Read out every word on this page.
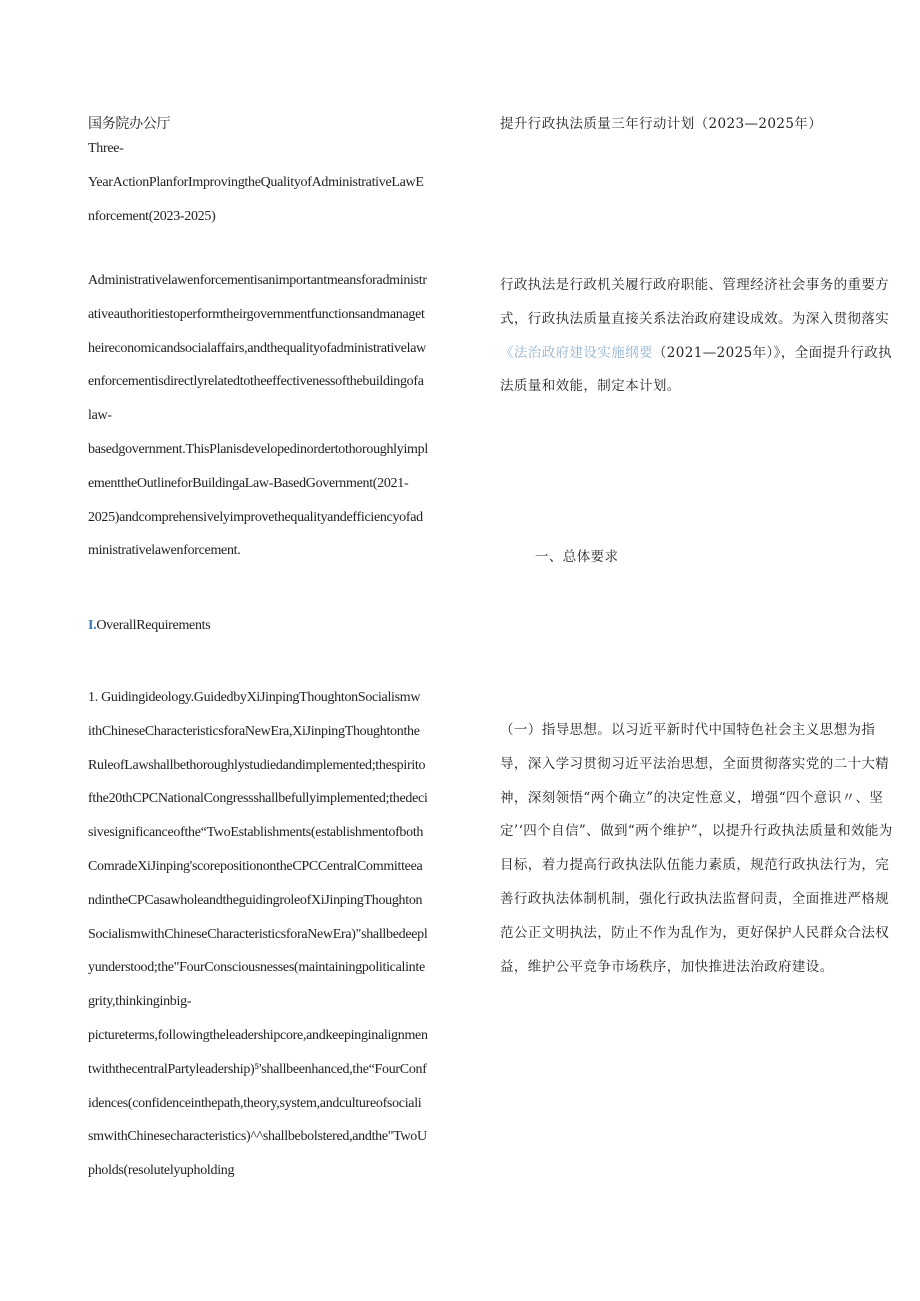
国务院办公厅
Three-
YearActionPlanforImprovingtheQualityofAdministrativeLawE
nforcement(2023-2025)
Administrativelawenforcementisanimportantmeansforadministr
ativeauthoritiestoperformtheirgovernmentfunctionsandmanaget
heireconomicandsocialaffairs,andthequalityofadministrativelaw
enforcementisdirectlyrelatedtotheeffectivenessofthebuildingofa
law-
basedgovernment.ThisPlanisdevelopedinordertothoroughlyimpl
ementtheOutlineforBuildingaLaw-BasedGovernment(2021-
2025)andcomprehensivelyimprovethequalityandefficiencyofad
ministrativelawenforcement.
I.OverallRequirements
1. Guidingideology.GuidedbyXiJinpingThoughtonSocialismw
ithChineseCharacteristicsforaNewEra,XiJinpingThoughtonthe
RuleofLawshallbethoroughlystudiedandimplemented;thespirito
fthe20thCPCNationalCongressshallbefullyimplemented;thedeci
sivesignificanceofthe“TwoEstablishments(establishmentofboth
ComradeXiJinping'scorepositionontheCPCCentralCommitteea
ndintheCPCasawholeandtheguidingroleofXiJinpingThoughton
SocialismwithChineseCharacteristicsforaNewEra)"shallbedeepl
yunderstood;the"FourConsciousnesses(maintainingpoliticalinte
grity,thinkinginbig-
pictureterms,followingtheleadershipcore,andkeepinginalignmen
twiththecentralPartyleadership)⁵'shallbeenhanced,the“FourConf
idences(confidenceinthepath,theory,system,andcultureofsociali
smwithChinesecharacteristics)^^shallbebolstered,andthe"TwoU
pholds(resolutelyupholding
提升行政执法质量三年行动计划（2023—2025年）
行政执法是行政机关履行政府职能、管理经济社会事务的重要方式，行政执法质量直接关系法治政府建设成效。为深入贯彻落实《法治政府建设实施纲要（2021—2025年）》，全面提升行政执法质量和效能，制定本计划。
一、总体要求
（一）指导思想。以习近平新时代中国特色社会主义思想为指导，深入学习贯彻习近平法治思想，全面贯彻落实党的二十大精神，深刻领悟“两个确立”的决定性意义，增强“四个意识〃、坚定’‘四个自信”、做到“两个维护”，以提升行政执法质量和效能为目标，着力提高行政执法队伍能力素质，规范行政执法行为，完善行政执法体制机制，强化行政执法监督问责，全面推进严格规范公正文明执法，防止不作为乱作为，更好保护人民群众合法权益，维护公平竞争市场秩序，加快推进法治政府建设。
